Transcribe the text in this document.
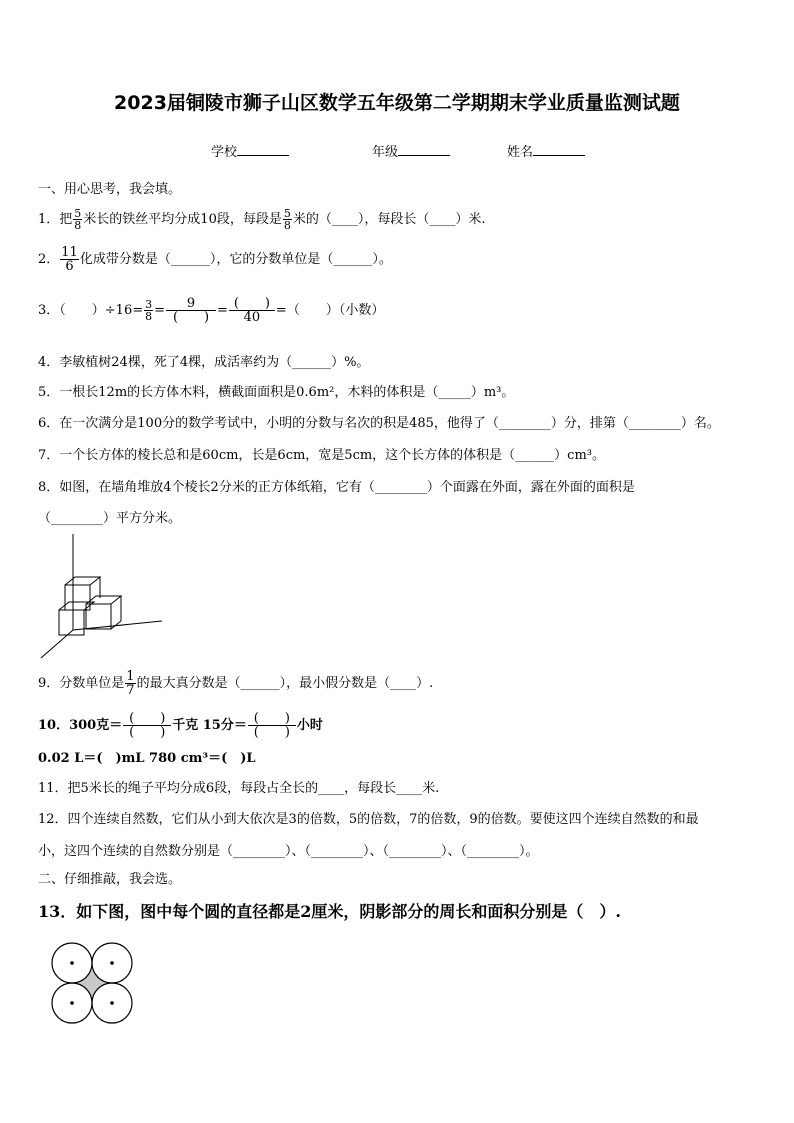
2023届铜陵市狮子山区数学五年级第二学期期末学业质量监测试题
学校	年级	姓名
一、用心思考，我会填。
1．把 $\frac{5}{8}$ 米长的铁丝平均分成10段，每段是 $\frac{5}{8}$ 米的（____），每段长（____）米.
2． $\frac{11}{6}$ 化成带分数是（______），它的分数单位是（______）。
3．（　　）$\div 16= \frac{3}{8} = \frac{9}{( )} = \frac{( )}{40}$ =（　　）（小数）
4．李敏植树24棵，死了4棵，成活率约为（______）%。
5．一根长12m的长方体木料，横截面面积是0.6m²，木料的体积是（_____）m³。
6．在一次满分是100分的数学考试中，小明的分数与名次的积是485，他得了（________）分，排第（________）名。
7．一个长方体的棱长总和是60cm，长是6cm，宽是5cm，这个长方体的体积是（______）cm³。
8．如图，在墙角堆放4个棱长2分米的正方体纸箱，它有（________）个面露在外面，露在外面的面积是
（________）平方分米。
9．分数单位是 $\frac{1}{7}$ 的最大真分数是（______），最小假分数是（____）.
10．300克＝ $\frac{( )}{( )}$ 千克 15分＝ $\frac{( )}{( )}$ 小时
0.02 L＝(　)mL 780 cm³＝(　)L
11．把5米长的绳子平均分成6段，每段占全长的____，每段长____米.
12．四个连续自然数，它们从小到大依次是3的倍数，5的倍数，7的倍数，9的倍数。要使这四个连续自然数的和最
小，这四个连续的自然数分别是（________）、（________）、（________）、（________）。
二、仔细推敲，我会选。
13．如下图，图中每个圆的直径都是2厘米，阴影部分的周长和面积分别是（　）.
